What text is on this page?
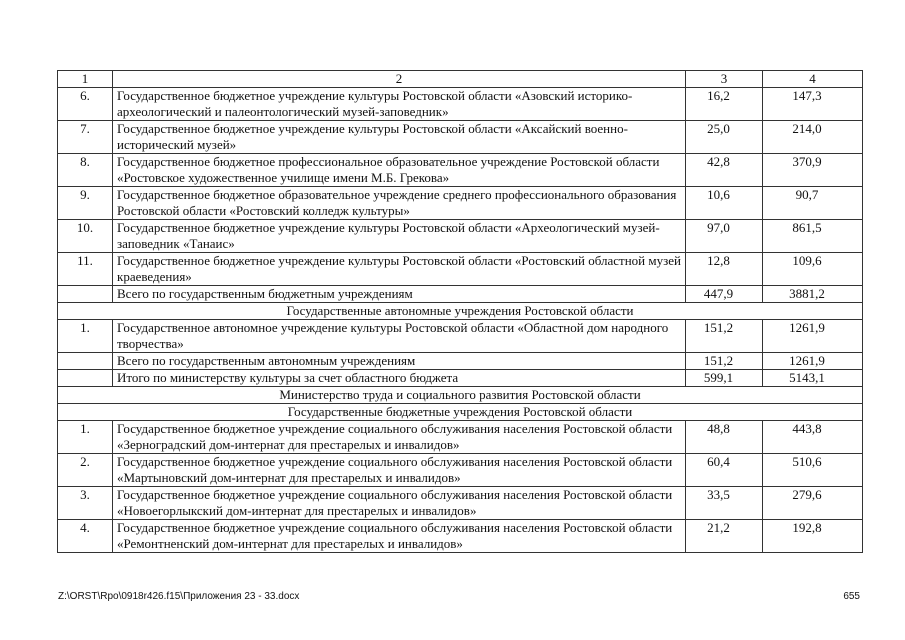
1	2	3	4
6.	Государственное бюджетное учреждение культуры Ростовской области «Азовский историко-археологический и палеонтологический музей-заповедник»	16,2	147,3
7.	Государственное бюджетное учреждение культуры Ростовской области «Аксайский военно-исторический музей»	25,0	214,0
8.	Государственное бюджетное профессиональное образовательное учреждение Ростовской области «Ростовское художественное училище имени М.Б. Грекова»	42,8	370,9
9.	Государственное бюджетное образовательное учреждение среднего профессионального образования Ростовской области «Ростовский колледж культуры»	10,6	90,7
10.	Государственное бюджетное учреждение культуры Ростовской области «Археологический музей-заповедник «Танаис»	97,0	861,5
11.	Государственное бюджетное учреждение культуры Ростовской области «Ростовский областной музей краеведения»	12,8	109,6
	Всего по государственным бюджетным учреждениям	447,9	3881,2
Государственные автономные учреждения Ростовской области			
1.	Государственное автономное учреждение культуры Ростовской области «Областной дом народного творчества»	151,2	1261,9
	Всего по государственным автономным учреждениям	151,2	1261,9
	Итого по министерству культуры за счет областного бюджета	599,1	5143,1
Министерство труда и социального развития Ростовской области			
Государственные бюджетные учреждения Ростовской области			
1.	Государственное бюджетное учреждение социального обслуживания населения Ростовской области «Зерноградский дом-интернат для престарелых и инвалидов»	48,8	443,8
2.	Государственное бюджетное учреждение социального обслуживания населения Ростовской области «Мартыновский дом-интернат для престарелых и инвалидов»	60,4	510,6
3.	Государственное бюджетное учреждение социального обслуживания населения Ростовской области «Новоегорлыкский дом-интернат для престарелых и инвалидов»	33,5	279,6
4.	Государственное бюджетное учреждение социального обслуживания населения Ростовской области «Ремонтненский дом-интернат для престарелых и инвалидов»	21,2	192,8
Z:\ORST\Rpo\0918r426.f15\Приложения 23 - 33.docx	655
